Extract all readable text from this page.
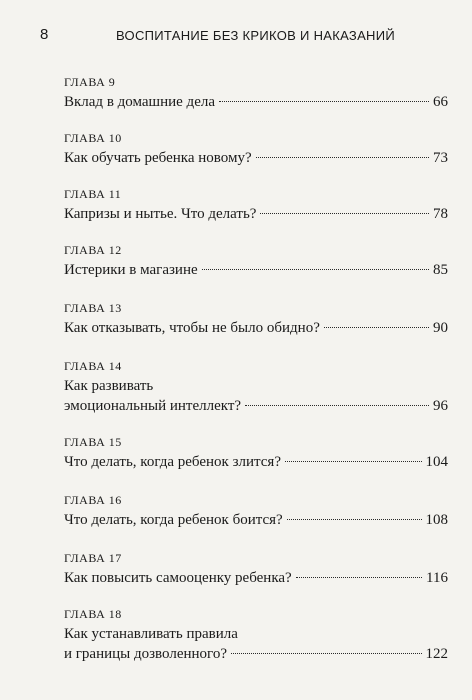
8	ВОСПИТАНИЕ БЕЗ КРИКОВ И НАКАЗАНИЙ
ГЛАВА 9
Вклад в домашние дела	66
ГЛАВА 10
Как обучать ребенка новому?	73
ГЛАВА 11
Капризы и нытье. Что делать?	78
ГЛАВА 12
Истерики в магазине	85
ГЛАВА 13
Как отказывать, чтобы не было обидно?	90
ГЛАВА 14
Как развивать
эмоциональный интеллект?	96
ГЛАВА 15
Что делать, когда ребенок злится?	104
ГЛАВА 16
Что делать, когда ребенок боится?	108
ГЛАВА 17
Как повысить самооценку ребенка?	116
ГЛАВА 18
Как устанавливать правила
и границы дозволенного?	122
